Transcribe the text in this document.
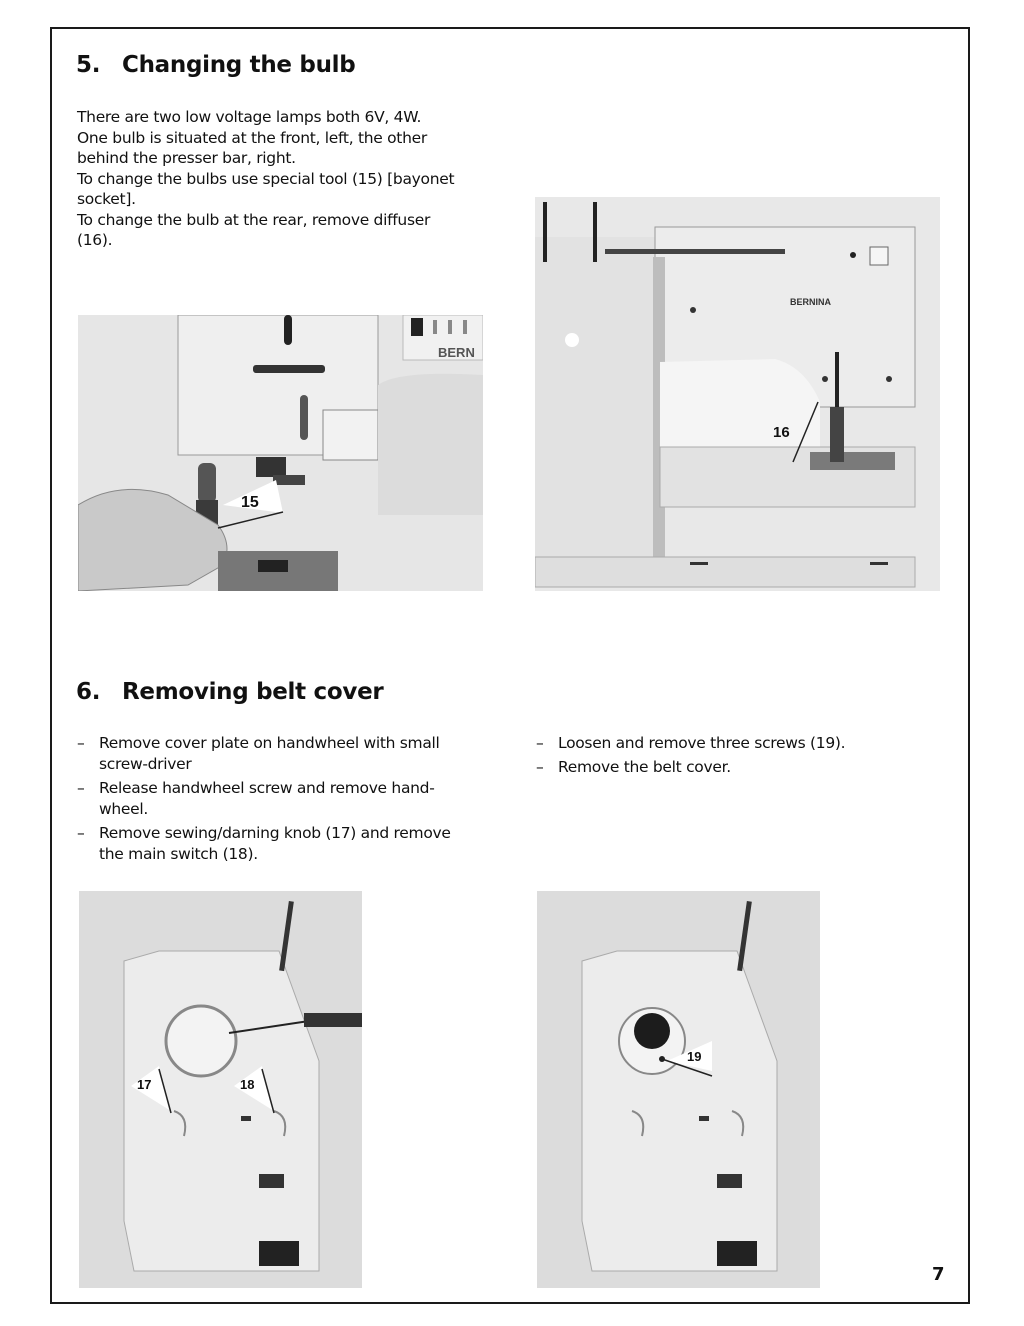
5. Changing the bulb
There are two low voltage lamps both 6V, 4W.
One bulb is situated at the front, left, the other
behind the presser bar, right.
To change the bulbs use special tool (15) [bayonet
socket].
To change the bulb at the rear, remove diffuser
(16).
BERN
15
BERNINA
16
6. Removing belt cover
– Remove cover plate on handwheel with small
screw-driver
– Release handwheel screw and remove hand-
wheel.
– Remove sewing/darning knob (17) and remove
the main switch (18).
– Loosen and remove three screws (19).
– Remove the belt cover.
17	18
19
7
